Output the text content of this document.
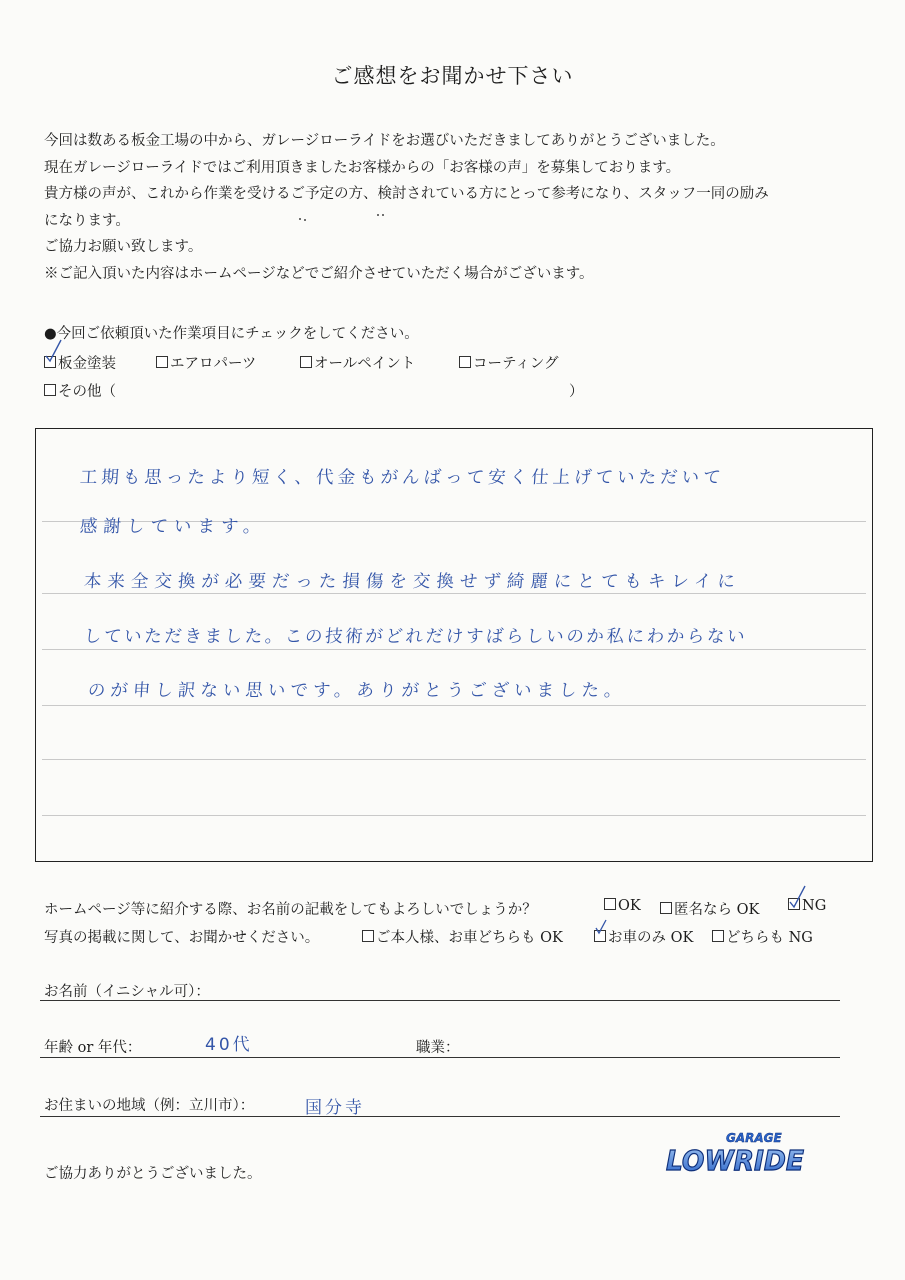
ご感想をお聞かせ下さい
今回は数ある板金工場の中から、ガレージローライドをお選びいただきましてありがとうございました。
現在ガレージローライドではご利用頂きましたお客様からの「お客様の声」を募集しております。
貴方様の声が、これから作業を受けるご予定の方、検討されている方にとって参考になり、スタッフ一同の励み
になります。
ご協力お願い致します。
※ご記入頂いた内容はホームページなどでご紹介させていただく場合がございます。
●今回ご依頼頂いた作業項目にチェックをしてください。
板金塗装	エアロパーツ	オールペイント	コーティング
その他（	）
工期も思ったより短く、代金もがんばって安く仕上げていただいて
感謝しています。
本来全交換が必要だった損傷を交換せず綺麗にとてもキレイに
していただきました。この技術がどれだけすばらしいのか私にわからない
のが申し訳ない思いです。ありがとうございました。
ホームページ等に紹介する際、お名前の記載をしてもよろしいでしょうか？	OK	匿名なら OK	NG
写真の掲載に関して、お聞かせください。	ご本人様、お車どちらも OK	お車のみ OK	どちらも NG
お名前（イニシャル可）：
年齢 or 年代：	40代	職業：
お住まいの地域（例：立川市）：	国分寺
ご協力ありがとうございました。
GARAGE
LOWRIDE
